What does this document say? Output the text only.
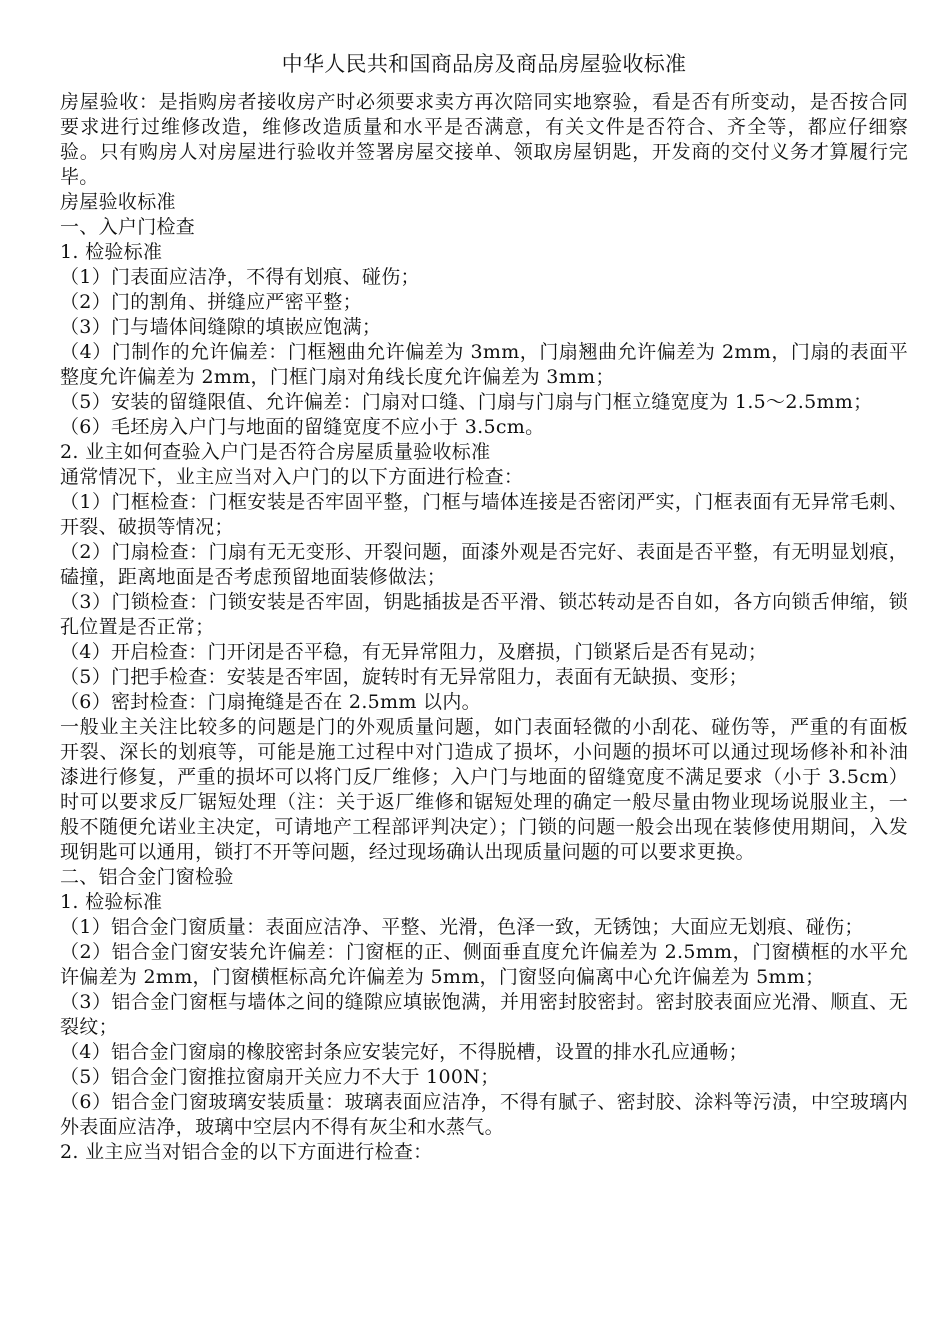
中华人民共和国商品房及商品房屋验收标准

房屋验收：是指购房者接收房产时必须要求卖方再次陪同实地察验，看是否有所变动，是否按合同要求进行过维修改造，维修改造质量和水平是否满意，有关文件是否符合、齐全等，都应仔细察验。只有购房人对房屋进行验收并签署房屋交接单、领取房屋钥匙，开发商的交付义务才算履行完毕。

房屋验收标准

一、入户门检查

1. 检验标准

（1）门表面应洁净，不得有划痕、碰伤；

（2）门的割角、拼缝应严密平整；

（3）门与墙体间缝隙的填嵌应饱满；

（4）门制作的允许偏差：门框翘曲允许偏差为 3mm，门扇翘曲允许偏差为 2mm，门扇的表面平整度允许偏差为 2mm，门框门扇对角线长度允许偏差为 3mm；

（5）安装的留缝限值、允许偏差：门扇对口缝、门扇与门扇与门框立缝宽度为 1.5～2.5mm；

（6）毛坯房入户门与地面的留缝宽度不应小于 3.5cm。

2. 业主如何查验入户门是否符合房屋质量验收标准

通常情况下，业主应当对入户门的以下方面进行检查：

（1）门框检查：门框安装是否牢固平整，门框与墙体连接是否密闭严实，门框表面有无异常毛刺、开裂、破损等情况；

（2）门扇检查：门扇有无无变形、开裂问题，面漆外观是否完好、表面是否平整，有无明显划痕，磕撞，距离地面是否考虑预留地面装修做法；

（3）门锁检查：门锁安装是否牢固，钥匙插拔是否平滑、锁芯转动是否自如，各方向锁舌伸缩，锁孔位置是否正常；

（4）开启检查：门开闭是否平稳，有无异常阻力，及磨损，门锁紧后是否有晃动；

（5）门把手检查：安装是否牢固，旋转时有无异常阻力，表面有无缺损、变形；

（6）密封检查：门扇掩缝是否在 2.5mm 以内。

一般业主关注比较多的问题是门的外观质量问题，如门表面轻微的小刮花、碰伤等，严重的有面板开裂、深长的划痕等，可能是施工过程中对门造成了损坏，小问题的损坏可以通过现场修补和补油漆进行修复，严重的损坏可以将门反厂维修；入户门与地面的留缝宽度不满足要求（小于 3.5cm）时可以要求反厂锯短处理（注：关于返厂维修和锯短处理的确定一般尽量由物业现场说服业主，一般不随便允诺业主决定，可请地产工程部评判决定）；门锁的问题一般会出现在装修使用期间，入发现钥匙可以通用，锁打不开等问题，经过现场确认出现质量问题的可以要求更换。

二、铝合金门窗检验

1. 检验标准

（1）铝合金门窗质量：表面应洁净、平整、光滑，色泽一致，无锈蚀；大面应无划痕、碰伤；

（2）铝合金门窗安装允许偏差：门窗框的正、侧面垂直度允许偏差为 2.5mm，门窗横框的水平允许偏差为 2mm，门窗横框标高允许偏差为 5mm，门窗竖向偏离中心允许偏差为 5mm；

（3）铝合金门窗框与墙体之间的缝隙应填嵌饱满，并用密封胶密封。密封胶表面应光滑、顺直、无裂纹；

（4）铝合金门窗扇的橡胶密封条应安装完好，不得脱槽，设置的排水孔应通畅；

（5）铝合金门窗推拉窗扇开关应力不大于 100N；

（6）铝合金门窗玻璃安装质量：玻璃表面应洁净，不得有腻子、密封胶、涂料等污渍，中空玻璃内外表面应洁净，玻璃中空层内不得有灰尘和水蒸气。

2. 业主应当对铝合金的以下方面进行检查：
